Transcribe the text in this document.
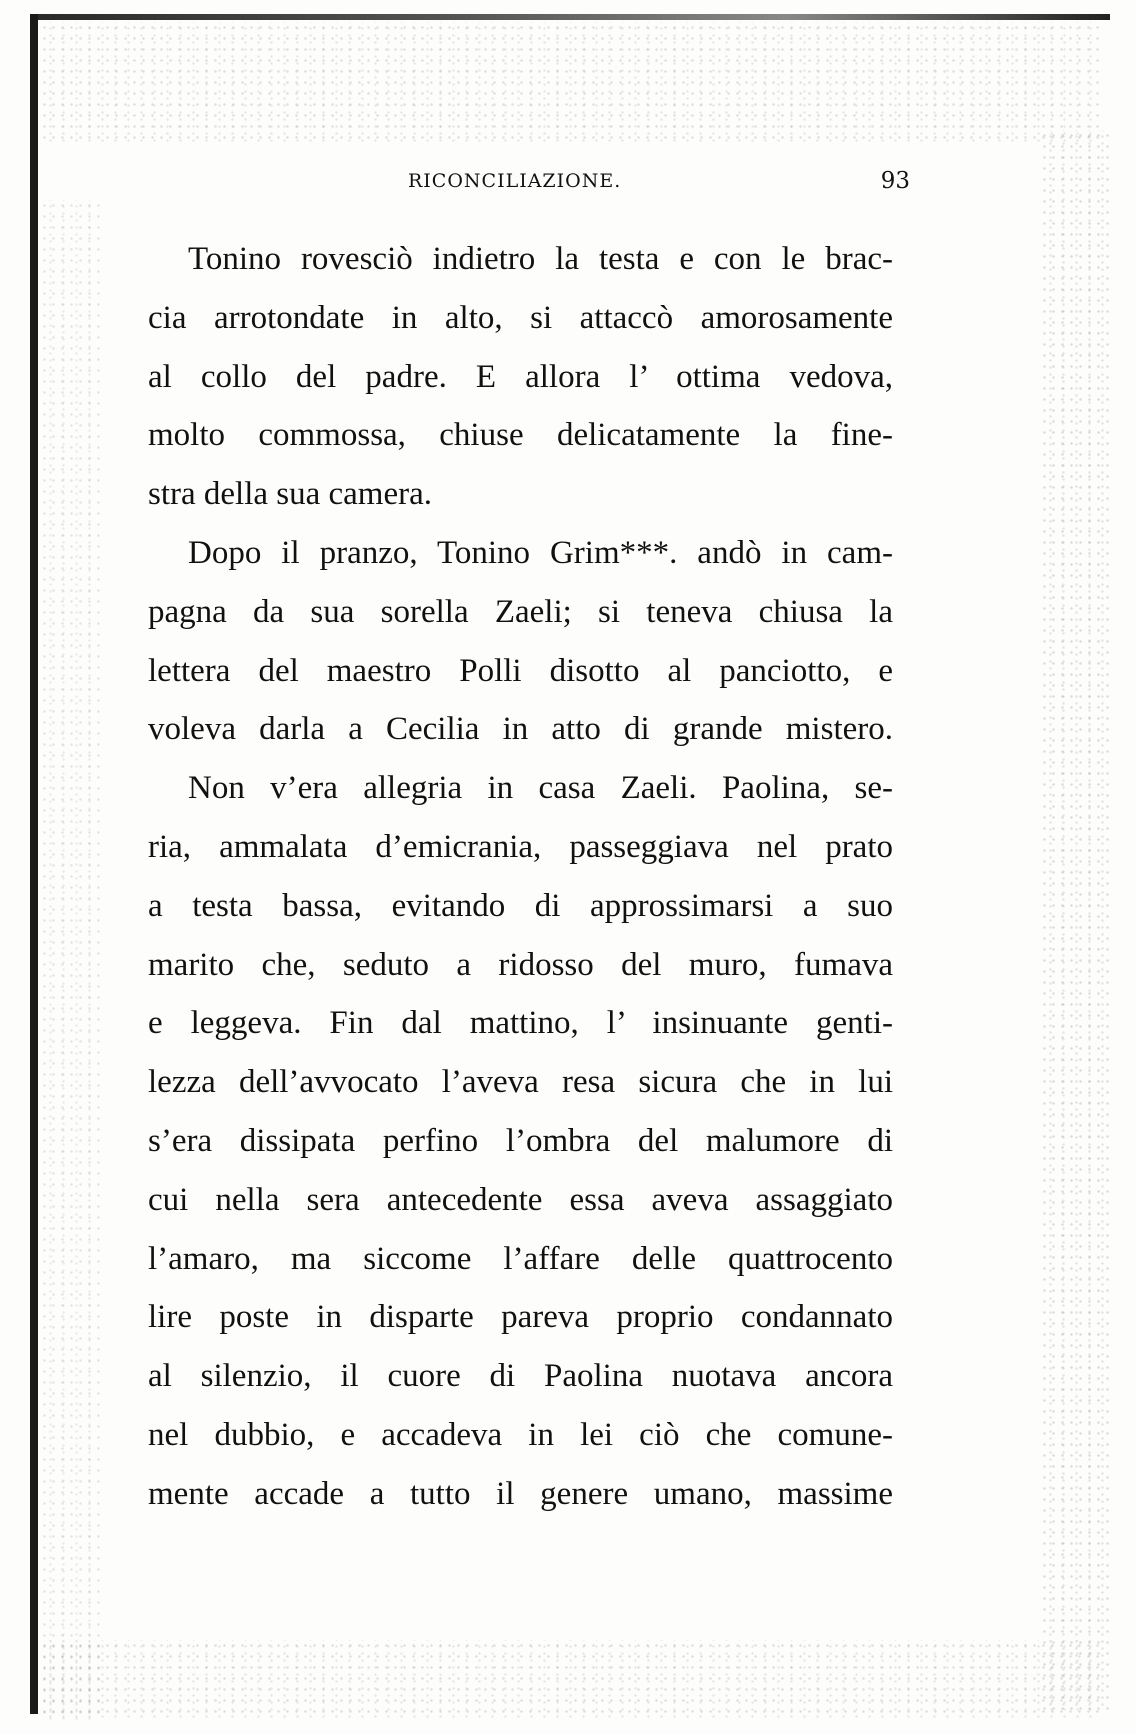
RICONCILIAZIONE.	93
Tonino rovesciò indietro la testa e con le brac-
cia arrotondate in alto, si attaccò amorosamente
al collo del padre. E allora l’ ottima vedova,
molto commossa, chiuse delicatamente la fine-
stra della sua camera.
Dopo il pranzo, Tonino Grim***. andò in cam-
pagna da sua sorella Zaeli; si teneva chiusa la
lettera del maestro Polli disotto al panciotto, e
voleva darla a Cecilia in atto di grande mistero.
Non v’era allegria in casa Zaeli. Paolina, se-
ria, ammalata d’emicrania, passeggiava nel prato
a testa bassa, evitando di approssimarsi a suo
marito che, seduto a ridosso del muro, fumava
e leggeva. Fin dal mattino, l’ insinuante genti-
lezza dell’avvocato l’aveva resa sicura che in lui
s’era dissipata perfino l’ombra del malumore di
cui nella sera antecedente essa aveva assaggiato
l’amaro, ma siccome l’affare delle quattrocento
lire poste in disparte pareva proprio condannato
al silenzio, il cuore di Paolina nuotava ancora
nel dubbio, e accadeva in lei ciò che comune-
mente accade a tutto il genere umano, massime
